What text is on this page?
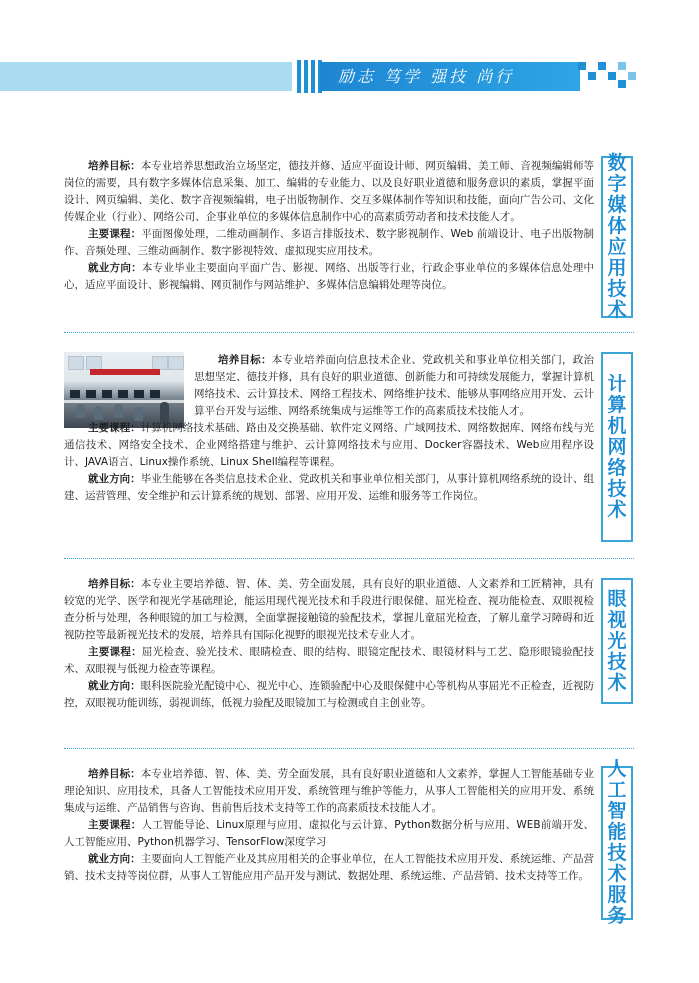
励志 笃学 强技 尚行

培养目标：本专业培养思想政治立场坚定，德技并修、适应平面设计师、网页编辑、美工师、音视频编辑师等岗位的需要，具有数字多媒体信息采集、加工、编辑的专业能力、以及良好职业道德和服务意识的素质，掌握平面设计、网页编辑、美化、数字音视频编辑，电子出版物制作、交互多媒体制作等知识和技能，面向广告公司、文化传媒企业（行业）、网络公司、企事业单位的多媒体信息制作中心的高素质劳动者和技术技能人才。

主要课程：平面图像处理，二维动画制作、多语言排版技术、数字影视制作、Web 前端设计、电子出版物制作、音频处理、三维动画制作、数字影视特效、虚拟现实应用技术。

就业方向：本专业毕业主要面向平面广告、影视、网络、出版等行业，行政企事业单位的多媒体信息处理中心，适应平面设计、影视编辑、网页制作与网站维护、多媒体信息编辑处理等岗位。

数
字
媒
体
应
用
技
术

培养目标：本专业培养面向信息技术企业、党政机关和事业单位相关部门，政治思想坚定、德技并修，具有良好的职业道德、创新能力和可持续发展能力，掌握计算机网络技术、云计算技术、网络工程技术、网络维护技术、能够从事网络应用开发、云计算平台开发与运维、网络系统集成与运维等工作的高素质技术技能人才。

主要课程：计算机网络技术基础、路由及交换基础、软件定义网络、广域网技术、网络数据库、网络布线与光通信技术、网络安全技术、企业网络搭建与维护、云计算网络技术与应用、Docker容器技术、Web应用程序设计、JAVA语言、Linux操作系统、Linux Shell编程等课程。

就业方向：毕业生能够在各类信息技术企业、党政机关和事业单位相关部门，从事计算机网络系统的设计、组建、运营管理、安全维护和云计算系统的规划、部署、应用开发、运维和服务等工作岗位。

计
算
机
网
络
技
术

培养目标：本专业主要培养德、智、体、美、劳全面发展，具有良好的职业道德、人文素养和工匠精神，具有较宽的光学、医学和视光学基础理论，能运用现代视光技术和手段进行眼保健、屈光检查、视功能检查、双眼视检查分析与处理，各种眼镜的加工与检测，全面掌握接触镜的验配技术，掌握儿童屈光检查，了解儿童学习障碍和近视防控等最新视光技术的发展，培养具有国际化视野的眼视光技术专业人才。

主要课程：屈光检查、验光技术、眼睛检查、眼的结构、眼镜定配技术、眼镜材料与工艺、隐形眼镜验配技术、双眼视与低视力检查等课程。

就业方向：眼科医院验光配镜中心、视光中心、连锁验配中心及眼保健中心等机构从事屈光不正检查，近视防控，双眼视功能训练，弱视训练，低视力验配及眼镜加工与检测或自主创业等。

眼
视
光
技
术

培养目标：本专业培养德、智、体、美、劳全面发展，具有良好职业道德和人文素养，掌握人工智能基础专业理论知识、应用技术，具备人工智能技术应用开发、系统管理与维护等能力，从事人工智能相关的应用开发、系统集成与运维、产品销售与咨询、售前售后技术支持等工作的高素质技术技能人才。

主要课程：人工智能导论、Linux原理与应用、虚拟化与云计算、Python数据分析与应用、WEB前端开发、人工智能应用、Python机器学习、TensorFlow深度学习

就业方向：主要面向人工智能产业及其应用相关的企事业单位，在人工智能技术应用开发、系统运维、产品营销、技术支持等岗位群，从事人工智能应用产品开发与测试、数据处理、系统运维、产品营销、技术支持等工作。

人
工
智
能
技
术
服
务
